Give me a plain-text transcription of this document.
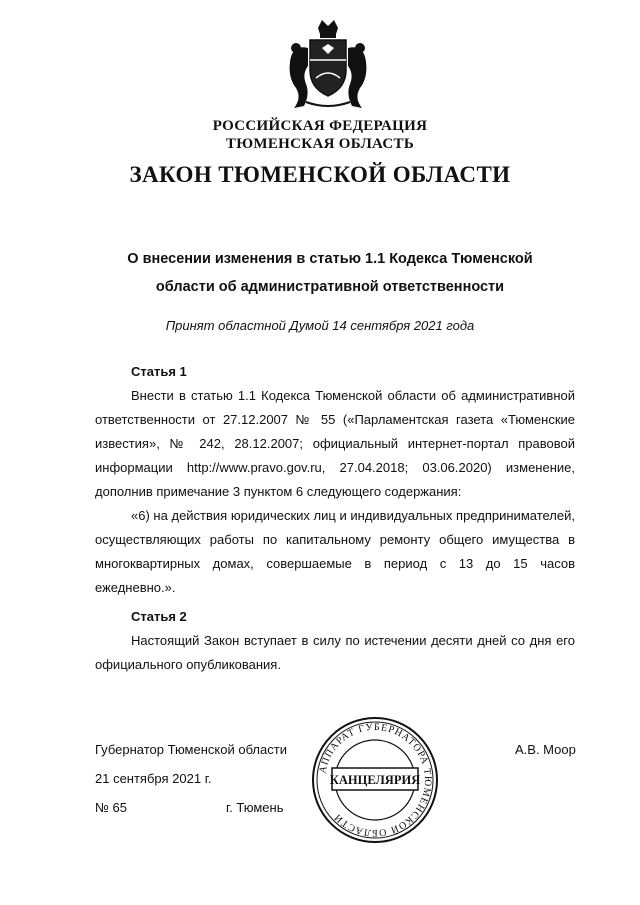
РОССИЙСКАЯ ФЕДЕРАЦИЯ
ТЮМЕНСКАЯ ОБЛАСТЬ
ЗАКОН ТЮМЕНСКОЙ ОБЛАСТИ
О внесении изменения в статью 1.1 Кодекса Тюменской
области об административной ответственности
Принят областной Думой 14 сентября 2021 года
Статья 1

Внести в статью 1.1 Кодекса Тюменской области об административной ответственности от 27.12.2007 № 55 («Парламентская газета «Тюменские известия», № 242, 28.12.2007; официальный интернет-портал правовой информации http://www.pravo.gov.ru, 27.04.2018; 03.06.2020) изменение, дополнив примечание 3 пунктом 6 следующего содержания:

«6) на действия юридических лиц и индивидуальных предпринимателей, осуществляющих работы по капитальному ремонту общего имущества в многоквартирных домах, совершаемые в период с 13 до 15 часов ежедневно.».

Статья 2

Настоящий Закон вступает в силу по истечении десяти дней со дня его официального опубликования.

Губернатор Тюменской области
21 сентября 2021 г.
№ 65	г. Тюмень
А.В. Моор
АППАРАТ ГУБЕРНАТОРА ТЮМЕНСКОЙ ОБЛАСТИ
КАНЦЕЛЯРИЯ
